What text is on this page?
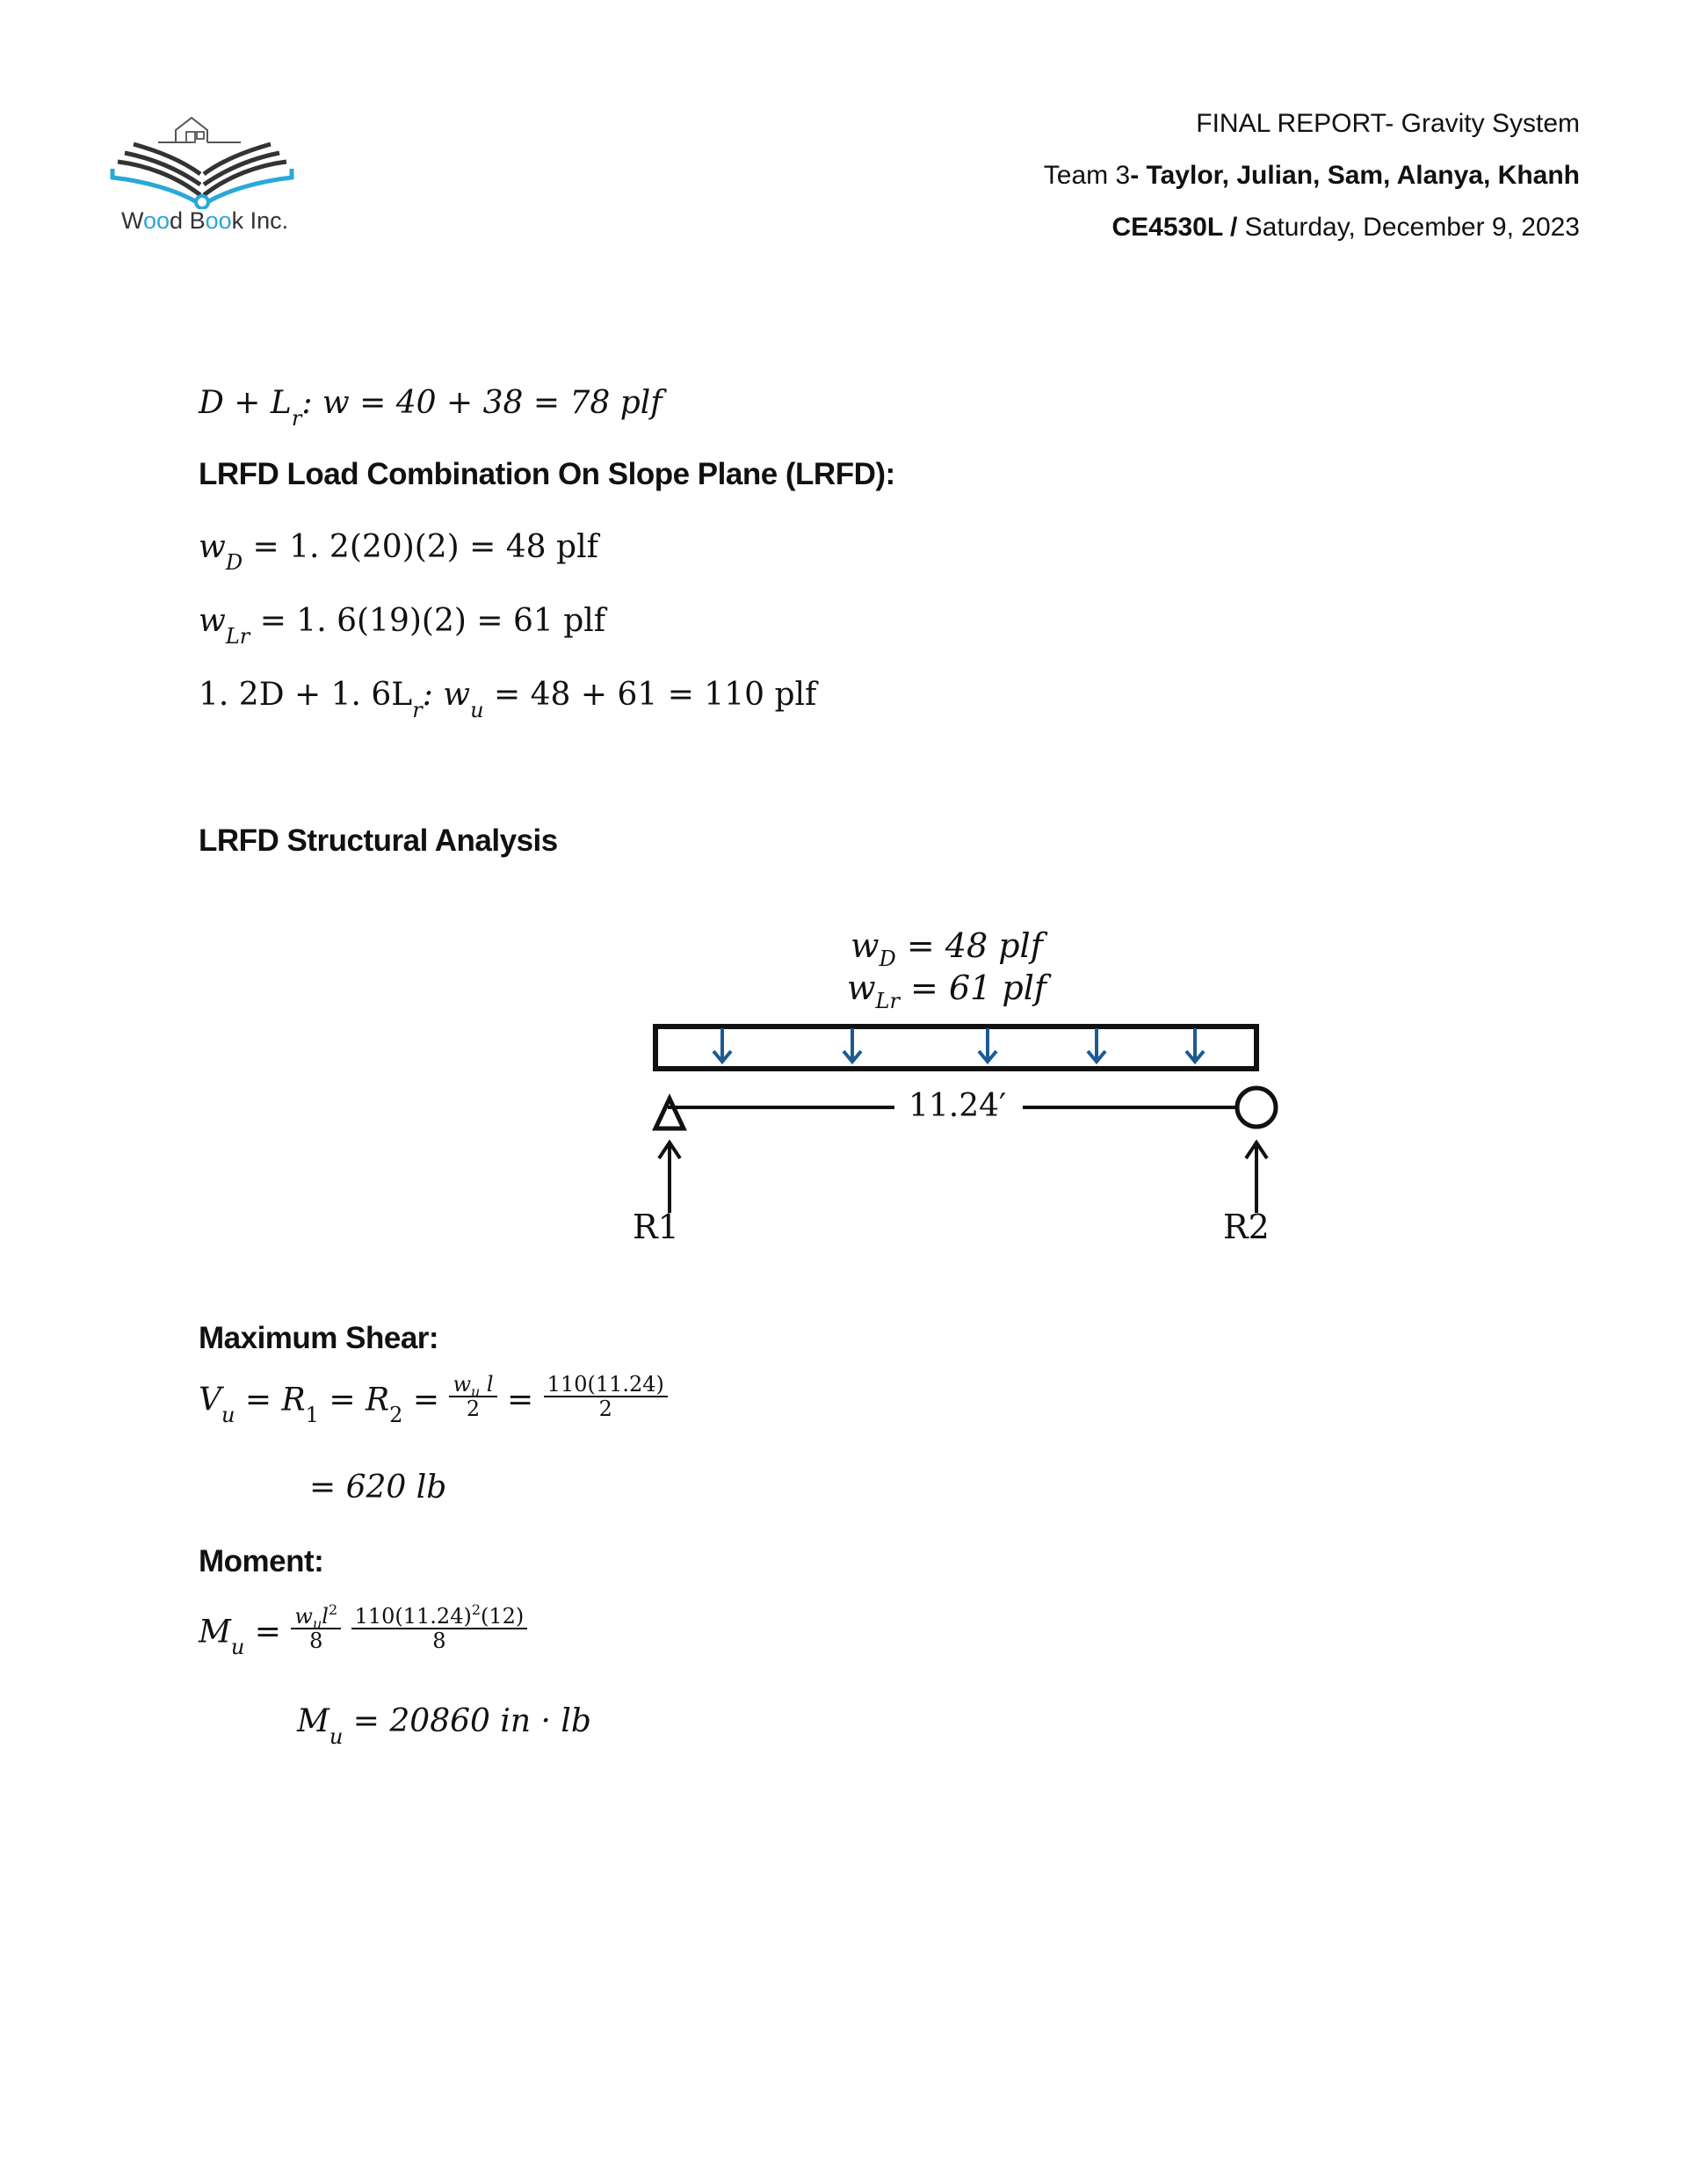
Wood Book Inc.
FINAL REPORT- Gravity System
Team 3- Taylor, Julian, Sam, Alanya, Khanh
CE4530L / Saturday, December 9, 2023
$D + L_r$: w = 40 + 38 = 78 plf
LRFD Load Combination On Slope Plane (LRFD):
$w_D = 1$. 2(20)(2) = 48 plf
$w_{Lr} = 1$. 6(19)(2) = 61 plf
1. 2D + 1. $6L_r$: $w_u = 48 + 61 = 110$ plf
LRFD Structural Analysis
$w_D = 48$ plf
$w_{Lr} = 61$ plf
11.24′
R1	R2
Maximum Shear:
$V_u = R_1 = R_2 = \frac{w_u l}{2} = \frac{110(11.24)}{2}$
= 620 lb
Moment:
$M_u = \frac{w_ul^2}{8}$
$\frac{110(11.24)^2(12)}{8}$
$M_u = 20860$ in · lb
